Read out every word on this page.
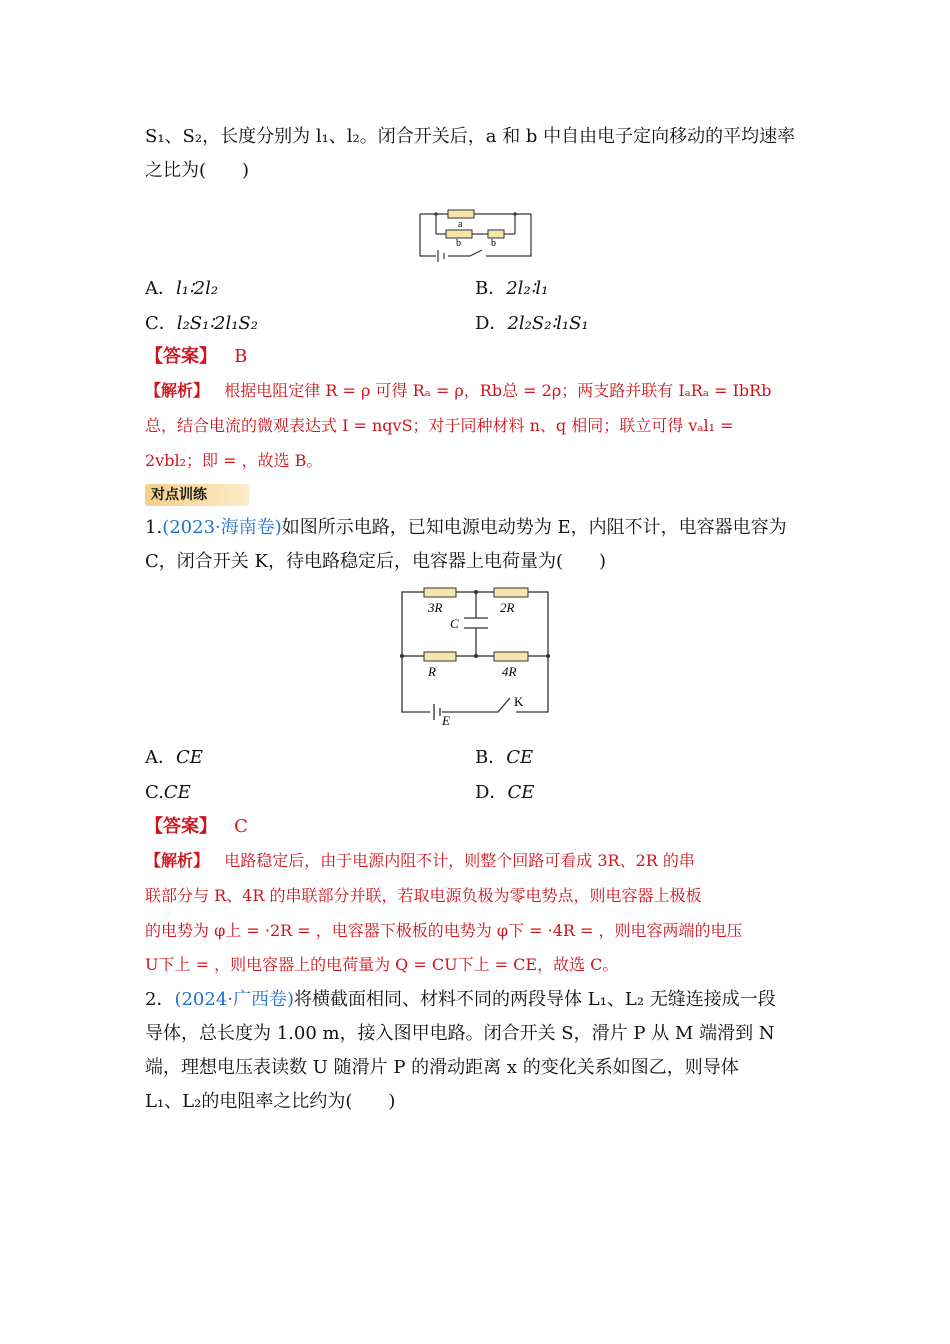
S₁、S₂，长度分别为 l₁、l₂。闭合开关后，a 和 b 中自由电子定向移动的平均速率
之比为(　　)
a
b	b
A．l₁∶2l₂	B．2l₂∶l₁
C．l₂S₁∶2l₁S₂	D．2l₂S₂∶l₁S₁
【答案】 B
【解析】 根据电阻定律 R = ρ 可得 Rₐ = ρ，Rb总 = 2ρ；两支路并联有 IₐRₐ = IbRb
总，结合电流的微观表达式 I = nqvS；对于同种材料 n、q 相同；联立可得 vₐl₁ =
2vbl₂；即 = ，故选 B。
对点训练
1.(2023·海南卷)如图所示电路，已知电源电动势为 E，内阻不计，电容器电容为
C，闭合开关 K，待电路稳定后，电容器上电荷量为(　　)
3R	2R
C
R	4R
K
E
A．CE	B．CE
C.CE	D．CE
【答案】 C
【解析】 电路稳定后，由于电源内阻不计，则整个回路可看成 3R、2R 的串
联部分与 R、4R 的串联部分并联，若取电源负极为零电势点，则电容器上极板
的电势为 φ上 = ·2R = ，电容器下极板的电势为 φ下 = ·4R = ，则电容两端的电压
U下上 = ，则电容器上的电荷量为 Q = CU下上 = CE，故选 C。
2．(2024·广西卷)将横截面相同、材料不同的两段导体 L₁、L₂ 无缝连接成一段
导体，总长度为 1.00 m，接入图甲电路。闭合开关 S，滑片 P 从 M 端滑到 N
端，理想电压表读数 U 随滑片 P 的滑动距离 x 的变化关系如图乙，则导体
L₁、L₂的电阻率之比约为(　　)
